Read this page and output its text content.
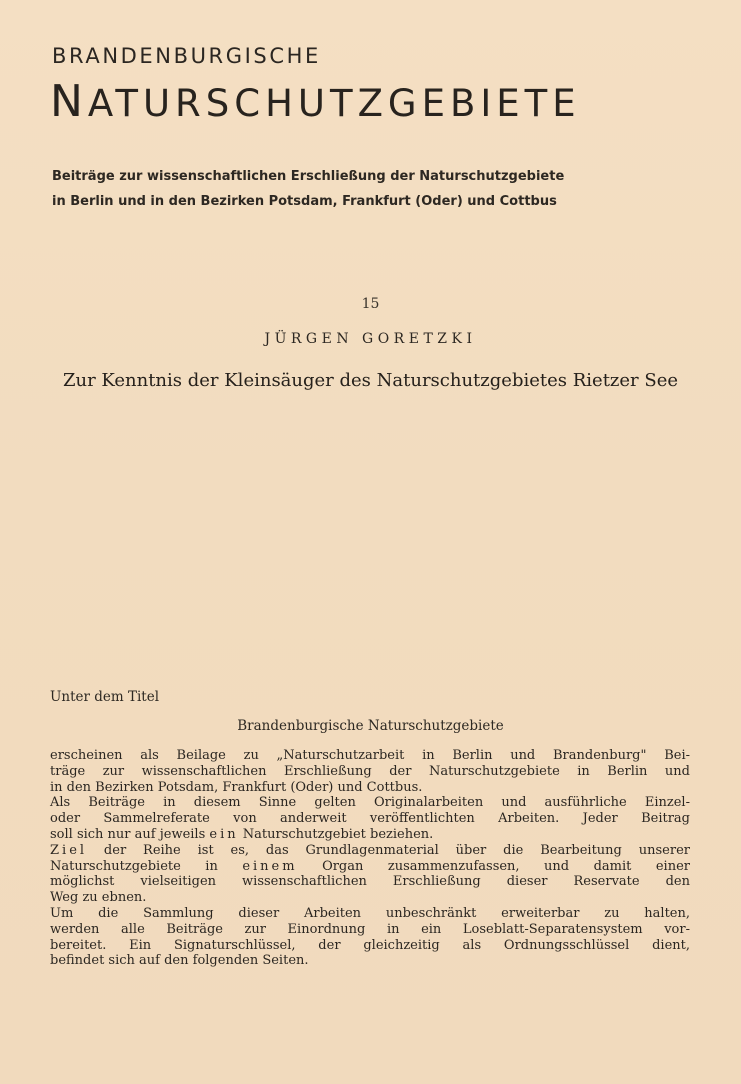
BRANDENBURGISCHE
NATURSCHUTZGEBIETE
Beiträge zur wissenschaftlichen Erschließung der Naturschutzgebiete
in Berlin und in den Bezirken Potsdam, Frankfurt (Oder) und Cottbus
15
JÜRGEN GORETZKI
Zur Kenntnis der Kleinsäuger des Naturschutzgebietes Rietzer See
Unter dem Titel
Brandenburgische Naturschutzgebiete
erscheinen als Beilage zu „Naturschutzarbeit in Berlin und Brandenburg" Bei-
träge zur wissenschaftlichen Erschließung der Naturschutzgebiete in Berlin und
in den Bezirken Potsdam, Frankfurt (Oder) und Cottbus.
Als Beiträge in diesem Sinne gelten Originalarbeiten und ausführliche Einzel-
oder Sammelreferate von anderweit veröffentlichten Arbeiten. Jeder Beitrag
soll sich nur auf jeweils ein Naturschutzgebiet beziehen.
Ziel der Reihe ist es, das Grundlagenmaterial über die Bearbeitung unserer
Naturschutzgebiete in einem Organ zusammenzufassen, und damit einer
möglichst vielseitigen wissenschaftlichen Erschließung dieser Reservate den
Weg zu ebnen.
Um die Sammlung dieser Arbeiten unbeschränkt erweiterbar zu halten,
werden alle Beiträge zur Einordnung in ein Loseblatt-Separatensystem vor-
bereitet. Ein Signaturschlüssel, der gleichzeitig als Ordnungsschlüssel dient,
befindet sich auf den folgenden Seiten.
